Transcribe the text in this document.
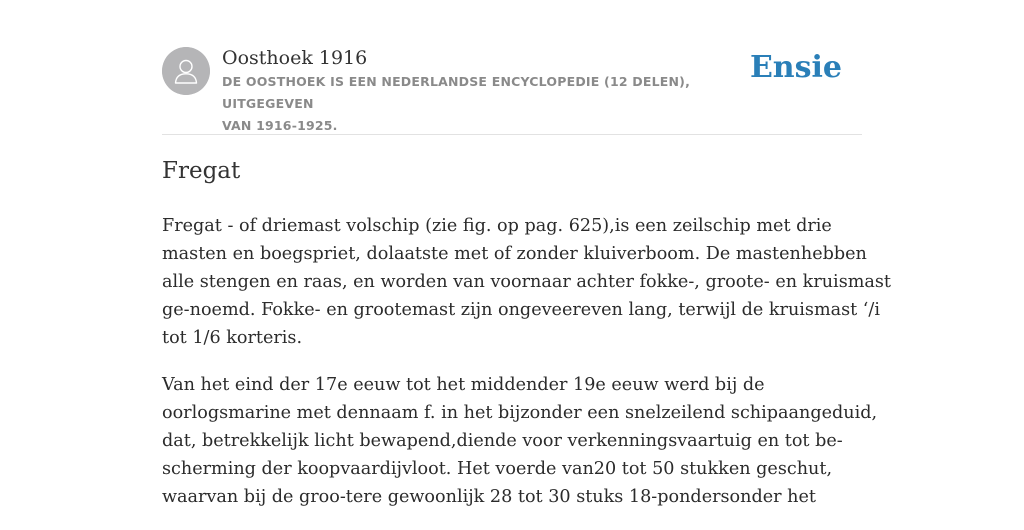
Oosthoek 1916
DE OOSTHOEK IS EEN NEDERLANDSE ENCYCLOPEDIE (12 DELEN), UITGEGEVEN
VAN 1916-1925.
Ensie
Fregat

Fregat - of driemast volschip (zie fig. op pag. 625),is een zeilschip met drie
masten en boegspriet, dolaatste met of zonder kluiverboom. De mastenhebben
alle stengen en raas, en worden van voornaar achter fokke-, groote- en kruismast
ge-noemd. Fokke- en grootemast zijn ongeveereven lang, terwijl de kruismast ‘/i
tot 1/6 korteris.

Van het eind der 17e eeuw tot het middender 19e eeuw werd bij de
oorlogsmarine met dennaam f. in het bijzonder een snelzeilend schipaangeduid,
dat, betrekkelijk licht bewapend,diende voor verkenningsvaartuig en tot be-
scherming der koopvaardijvloot. Het voerde van20 tot 50 stukken geschut,
waarvan bij de groo-tere gewoonlijk 28 tot 30 stuks 18-pondersonder het
